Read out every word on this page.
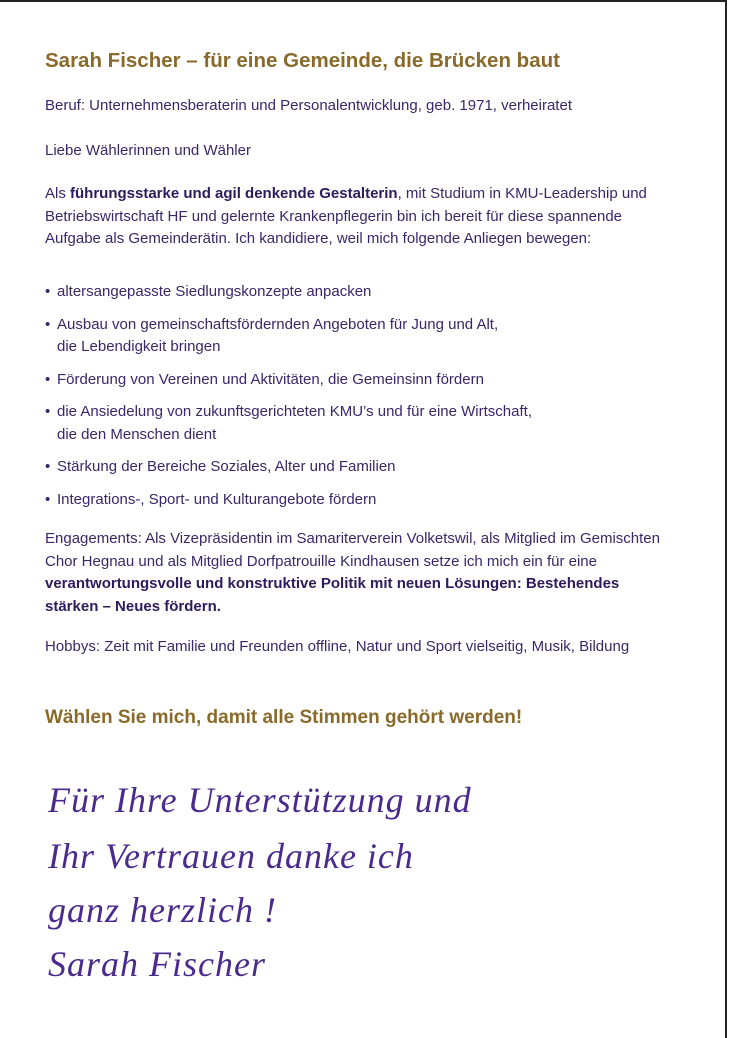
Sarah Fischer – für eine Gemeinde, die Brücken baut

Beruf: Unternehmensberaterin und Personalentwicklung, geb. 1971, verheiratet

Liebe Wählerinnen und Wähler

Als führungsstarke und agil denkende Gestalterin, mit Studium in KMU-Leadership und Betriebswirtschaft HF und gelernte Krankenpflegerin bin ich bereit für diese spannende Aufgabe als Gemeinderätin. Ich kandidiere, weil mich folgende Anliegen bewegen:

• altersangepasste Siedlungskonzepte anpacken
• Ausbau von gemeinschaftsfördernden Angeboten für Jung und Alt,
die Lebendigkeit bringen
• Förderung von Vereinen und Aktivitäten, die Gemeinsinn fördern
• die Ansiedelung von zukunftsgerichteten KMU’s und für eine Wirtschaft,
die den Menschen dient
• Stärkung der Bereiche Soziales, Alter und Familien
• Integrations-, Sport- und Kulturangebote fördern

Engagements: Als Vizepräsidentin im Samariterverein Volketswil, als Mitglied im Gemischten Chor Hegnau und als Mitglied Dorfpatrouille Kindhausen setze ich mich ein für eine verantwortungsvolle und konstruktive Politik mit neuen Lösungen: Bestehendes stärken – Neues fördern.

Hobbys: Zeit mit Familie und Freunden offline, Natur und Sport vielseitig, Musik, Bildung

Wählen Sie mich, damit alle Stimmen gehört werden!

Für Ihre Unterstützung und
Ihr Vertrauen danke ich
ganz herzlich !
Sarah Fischer
